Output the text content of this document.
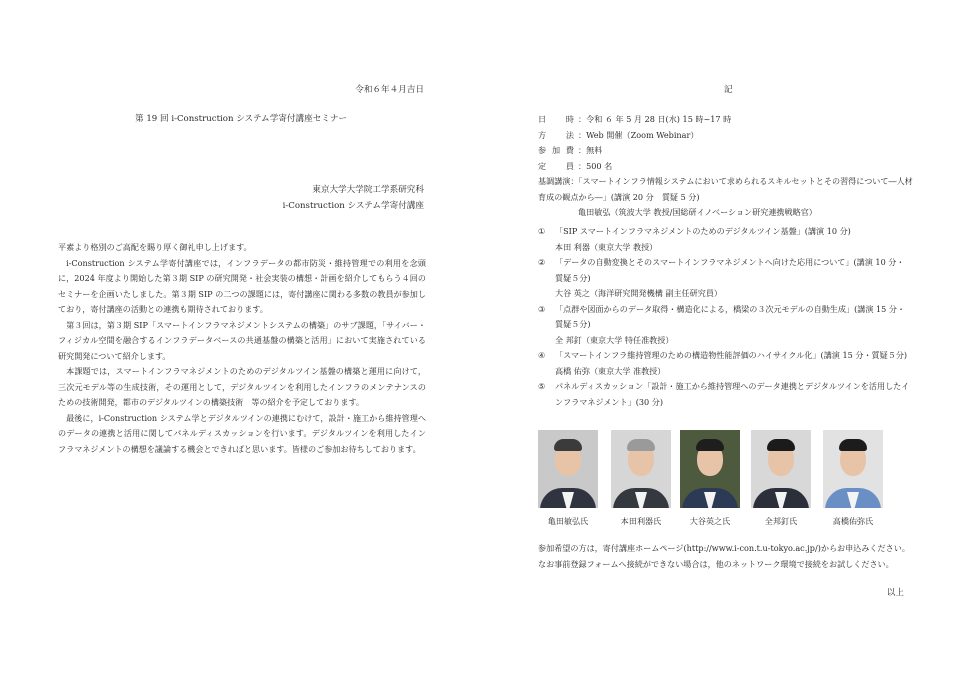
令和６年４月吉日
第 19 回 i-Construction システム学寄付講座セミナー
東京大学大学院工学系研究科
i-Construction システム学寄付講座

平素より格別のご高配を賜り厚く御礼申し上げます。

i-Construction システム学寄付講座では，インフラデータの都市防災・維持管理での利用を念頭に，2024 年度より開始した第３期 SIP の研究開発・社会実装の構想・計画を紹介してもらう４回のセミナーを企画いたしました。第３期 SIP の二つの課題には，寄付講座に関わる多数の教員が参加しており，寄付講座の活動との連携も期待されております。

第３回は，第３期 SIP「スマートインフラマネジメントシステムの構築」のサブ課題，「サイバー・フィジカル空間を融合するインフラデータベースの共通基盤の構築と活用」において実施されている研究開発について紹介します。

本課題では，スマートインフラマネジメントのためのデジタルツイン基盤の構築と運用に向けて，三次元モデル等の生成技術，その運用として，デジタルツインを利用したインフラのメンテナンスのための技術開発，都市のデジタルツインの構築技術　等の紹介を予定しております。

最後に，i-Construction システム学とデジタルツインの連携にむけて，設計・施工から維持管理へのデータの連携と活用に関してパネルディスカッションを行います。デジタルツインを利用したインフラマネジメントの構想を議論する機会とできればと思います。皆様のご参加お待ちしております。

記
日　時 ： 令和 ６ 年 5 月 28 日(水) 15 時~17 時
方　法 ： Web 開催（Zoom Webinar）
参加費 ： 無料
定　員 ： 500 名
基調講演：「スマートインフラ情報システムにおいて求められるスキルセットとその習得について―人材育成の観点から―」(講演 20 分　質疑 5 分)
亀田敏弘（筑波大学 教授/国総研イノベーション研究連携戦略官）
①	「SIP スマートインフラマネジメントのためのデジタルツイン基盤」(講演 10 分)
本田 利器（東京大学 教授）
②	「データの自動変換とそのスマートインフラマネジメントへ向けた応用について」(講演 10 分・質疑５分)
大谷 英之（海洋研究開発機構 副主任研究員）
③	「点群や図面からのデータ取得・構造化による，橋梁の３次元モデルの自動生成」(講演 15 分・質疑５分)
全 邦釘（東京大学 特任准教授）
④	「スマートインフラ維持管理のための構造物性能評価のハイサイクル化」(講演 15 分・質疑５分)
高橋 佑弥（東京大学 准教授）
⑤	パネルディスカッション「設計・施工から維持管理へのデータ連携とデジタルツインを活用したインフラマネジメント」(30 分)
亀田敏弘氏	本田利器氏	大谷英之氏	全邦釘氏	高橋佑弥氏
参加希望の方は，寄付講座ホームページ(http://www.i-con.t.u-tokyo.ac.jp/)からお申込みください。
なお事前登録フォームへ接続ができない場合は，他のネットワーク環境で接続をお試しください。
以上
